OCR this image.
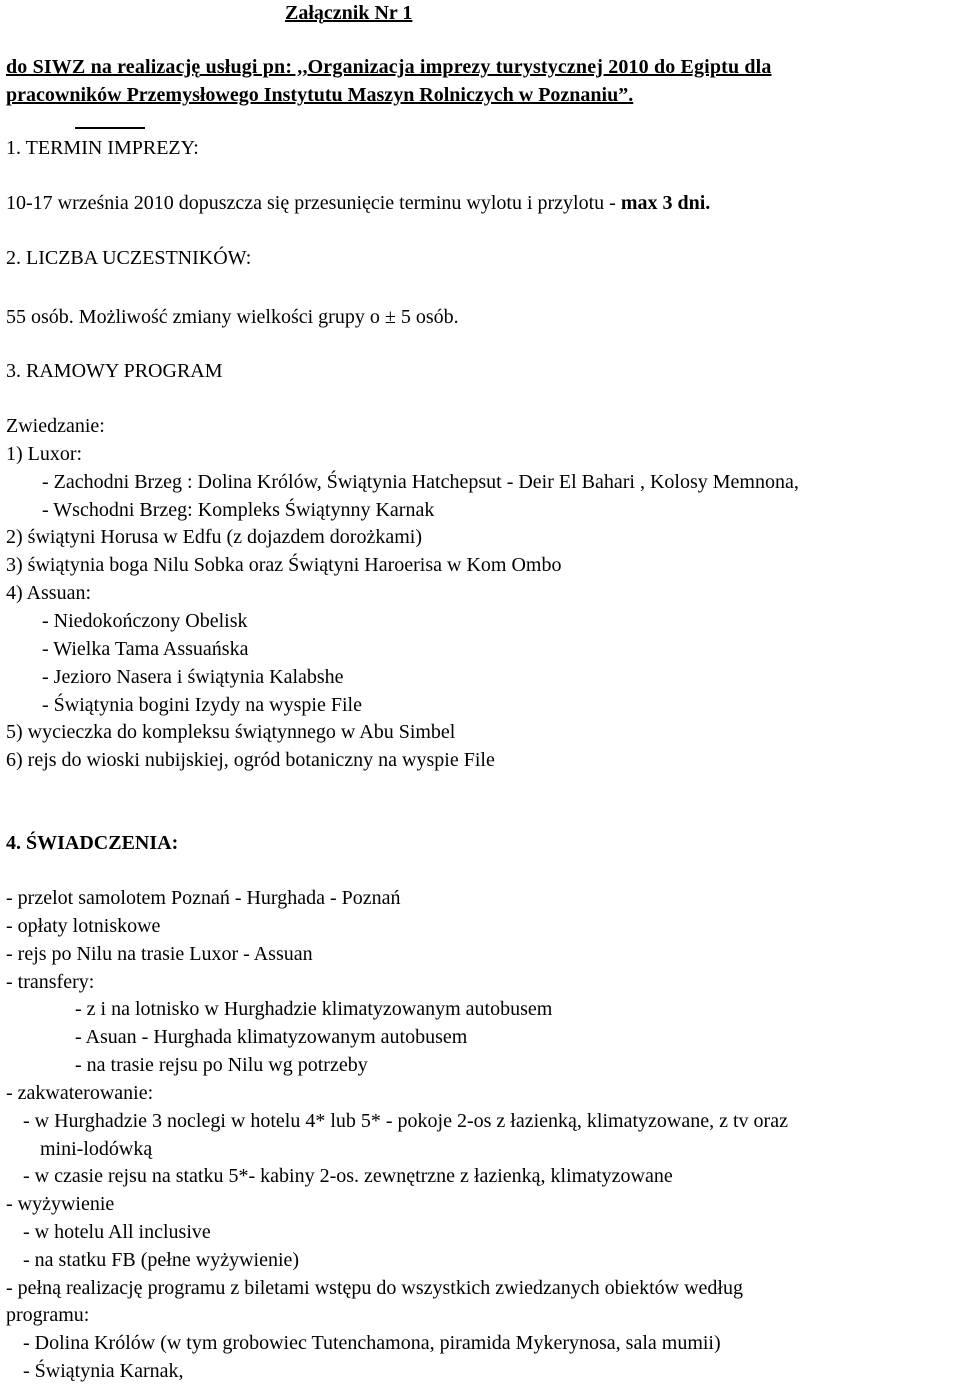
Załącznik Nr 1
do SIWZ na realizację usługi pn: ,,Organizacja imprezy turystycznej 2010 do Egiptu dla
pracowników Przemysłowego Instytutu Maszyn Rolniczych w Poznaniu”.
1. TERMIN IMPREZY:
10-17 września 2010 dopuszcza się przesunięcie terminu wylotu i przylotu - max 3 dni.
2. LICZBA UCZESTNIKÓW:
55 osób. Możliwość zmiany wielkości grupy o ± 5 osób.
3. RAMOWY PROGRAM
Zwiedzanie:
1) Luxor:
- Zachodni Brzeg : Dolina Królów, Świątynia Hatchepsut - Deir El Bahari , Kolosy Memnona,
- Wschodni Brzeg: Kompleks Świątynny Karnak
2) świątyni Horusa w Edfu (z dojazdem dorożkami)
3) świątynia boga Nilu Sobka oraz Świątyni Haroerisa w Kom Ombo
4) Assuan:
- Niedokończony Obelisk
- Wielka Tama Assuańska
- Jezioro Nasera i świątynia Kalabshe
- Świątynia bogini Izydy na wyspie File
5) wycieczka do kompleksu świątynnego w Abu Simbel
6) rejs do wioski nubijskiej, ogród botaniczny na wyspie File
4. ŚWIADCZENIA:
- przelot samolotem Poznań - Hurghada - Poznań
- opłaty lotniskowe
- rejs po Nilu na trasie Luxor - Assuan
- transfery:
- z i na lotnisko w Hurghadzie klimatyzowanym autobusem
- Asuan - Hurghada klimatyzowanym autobusem
- na trasie rejsu po Nilu wg potrzeby
- zakwaterowanie:
- w Hurghadzie 3 noclegi w hotelu 4* lub 5* - pokoje 2-os z łazienką, klimatyzowane, z tv oraz
mini-lodówką
- w czasie rejsu na statku 5*- kabiny 2-os. zewnętrzne z łazienką, klimatyzowane
- wyżywienie
- w hotelu All inclusive
- na statku FB (pełne wyżywienie)
- pełną realizację programu z biletami wstępu do wszystkich zwiedzanych obiektów według
programu:
- Dolina Królów (w tym grobowiec Tutenchamona, piramida Mykerynosa, sala mumii)
- Świątynia Karnak,
